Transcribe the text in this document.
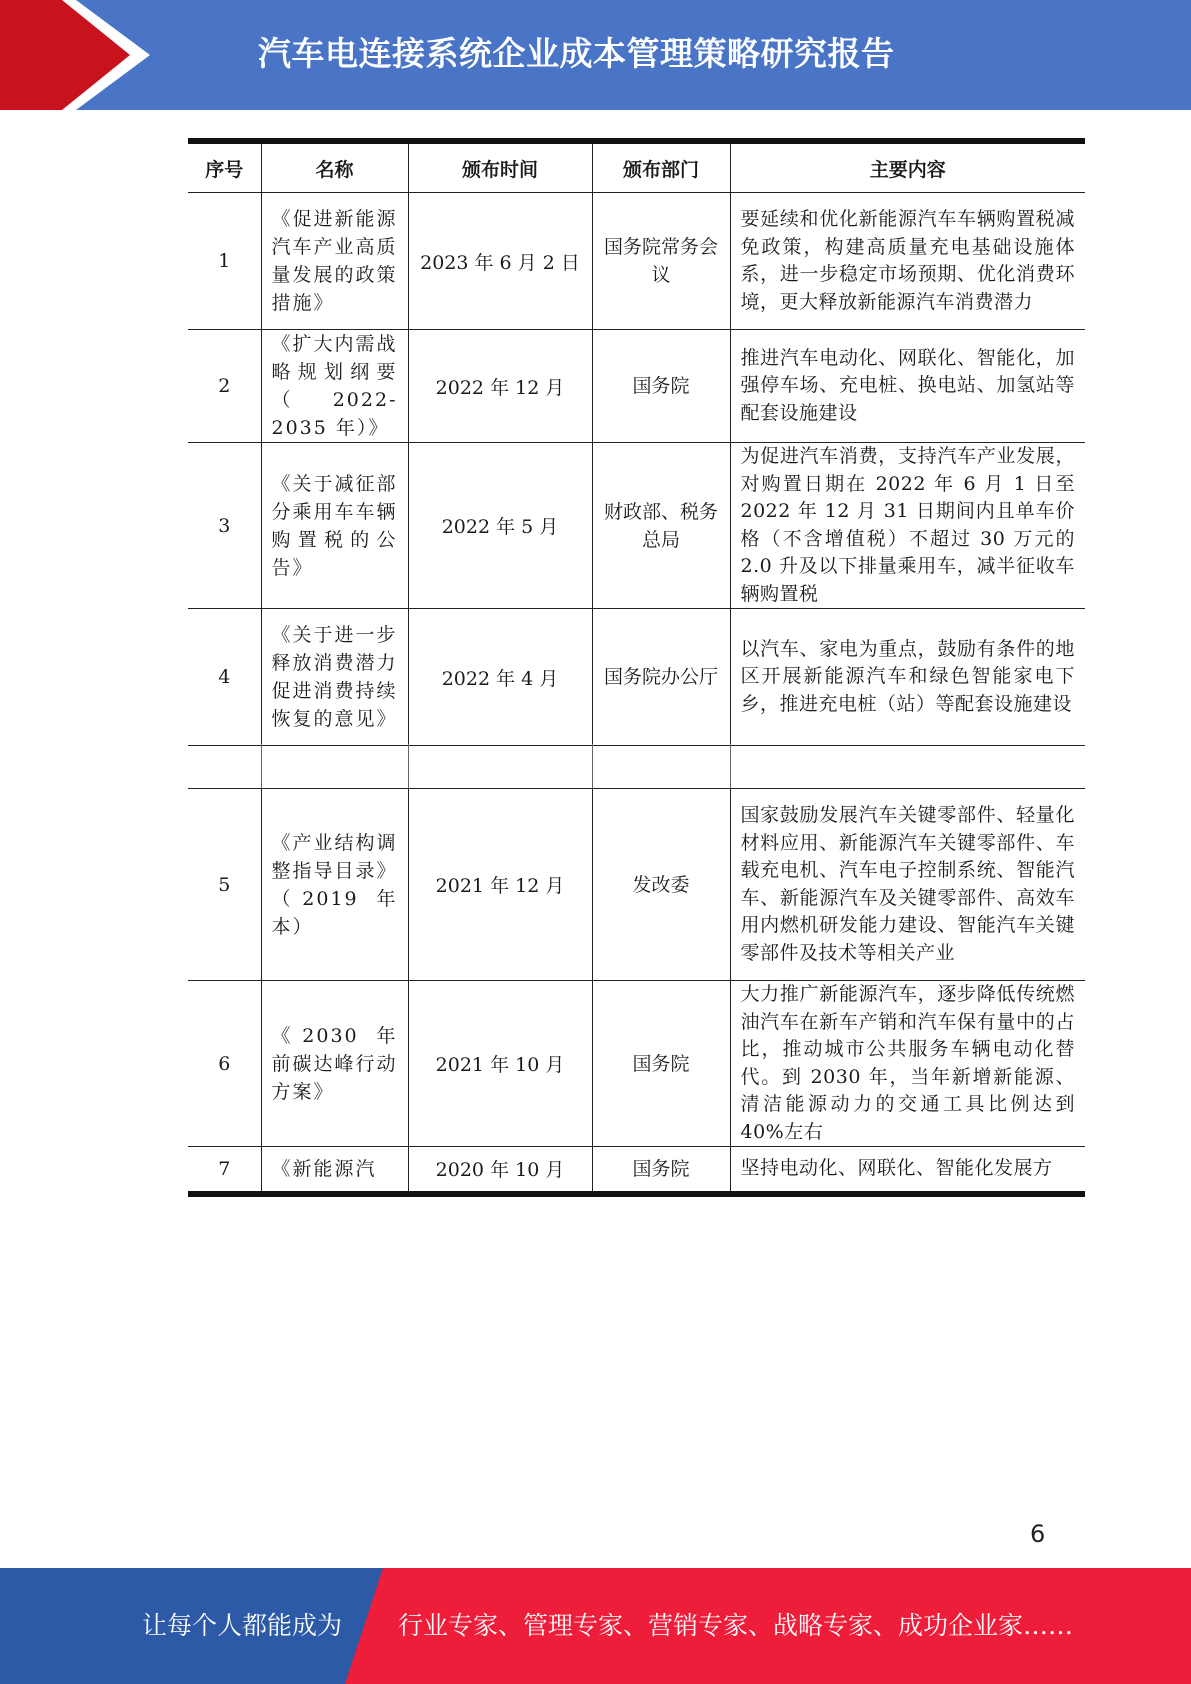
汽车电连接系统企业成本管理策略研究报告
序号	名称	颁布时间	颁布部门	主要内容
1	《促进新能源汽车产业高质量发展的政策措施》	2023 年 6 月 2 日	国务院常务会议	要延续和优化新能源汽车车辆购置税减免政策，构建高质量充电基础设施体系，进一步稳定市场预期、优化消费环境，更大释放新能源汽车消费潜力
2	《扩大内需战略规划纲要（2022-2035 年）》	2022 年 12 月	国务院	推进汽车电动化、网联化、智能化，加强停车场、充电桩、换电站、加氢站等配套设施建设
3	《关于减征部分乘用车车辆购置税的公告》	2022 年 5 月	财政部、税务总局	为促进汽车消费，支持汽车产业发展，对购置日期在 2022 年 6 月 1 日至 2022 年 12 月 31 日期间内且单车价格（不含增值税）不超过 30 万元的 2.0 升及以下排量乘用车，减半征收车辆购置税
4	《关于进一步释放消费潜力促进消费持续恢复的意见》	2022 年 4 月	国务院办公厅	以汽车、家电为重点，鼓励有条件的地区开展新能源汽车和绿色智能家电下乡，推进充电桩（站）等配套设施建设
5	《产业结构调整指导目录》（2019 年本）	2021 年 12 月	发改委	国家鼓励发展汽车关键零部件、轻量化材料应用、新能源汽车关键零部件、车载充电机、汽车电子控制系统、智能汽车、新能源汽车及关键零部件、高效车用内燃机研发能力建设、智能汽车关键零部件及技术等相关产业
6	《2030 年前碳达峰行动方案》	2021 年 10 月	国务院	大力推广新能源汽车，逐步降低传统燃油汽车在新车产销和汽车保有量中的占比，推动城市公共服务车辆电动化替代。到 2030 年，当年新增新能源、清洁能源动力的交通工具比例达到 40%左右
7	《新能源汽	2020 年 10 月	国务院	坚持电动化、网联化、智能化发展方
6
让每个人都能成为 行业专家、管理专家、营销专家、战略专家、成功企业家……
